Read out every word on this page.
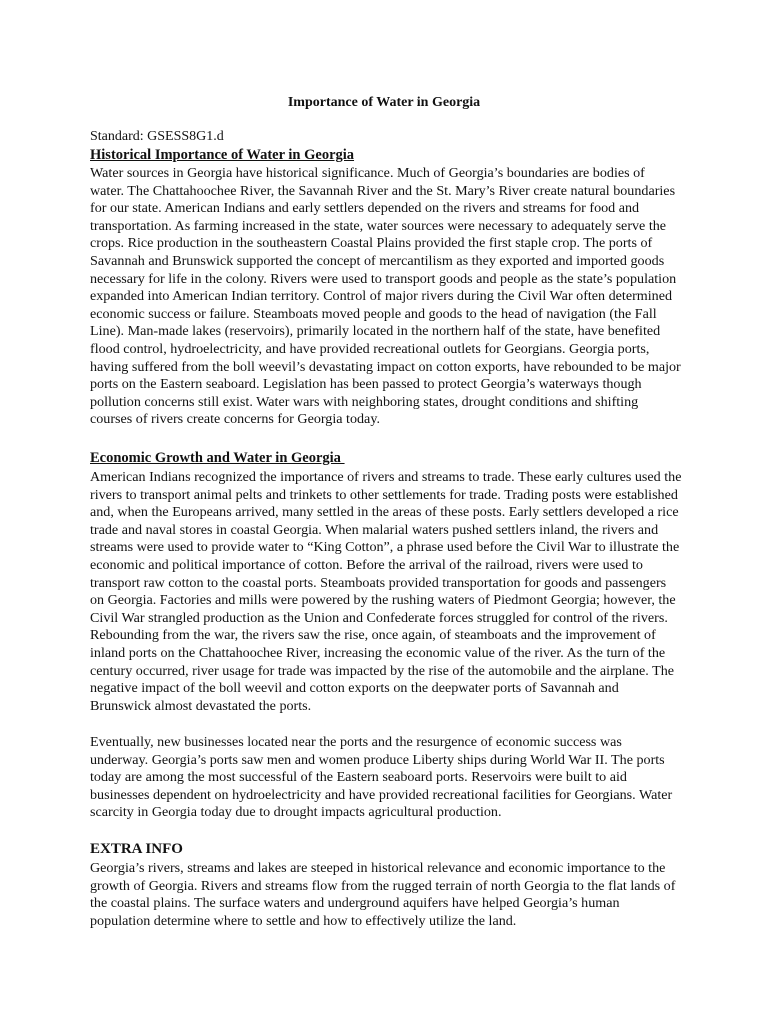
Importance of Water in Georgia

Standard: GSESS8G1.d

Historical Importance of Water in Georgia

Water sources in Georgia have historical significance. Much of Georgia’s boundaries are bodies of water. The Chattahoochee River, the Savannah River and the St. Mary’s River create natural boundaries for our state. American Indians and early settlers depended on the rivers and streams for food and transportation. As farming increased in the state, water sources were necessary to adequately serve the crops. Rice production in the southeastern Coastal Plains provided the first staple crop. The ports of Savannah and Brunswick supported the concept of mercantilism as they exported and imported goods necessary for life in the colony. Rivers were used to transport goods and people as the state’s population expanded into American Indian territory. Control of major rivers during the Civil War often determined economic success or failure. Steamboats moved people and goods to the head of navigation (the Fall Line). Man-made lakes (reservoirs), primarily located in the northern half of the state, have benefited flood control, hydroelectricity, and have provided recreational outlets for Georgians. Georgia ports, having suffered from the boll weevil’s devastating impact on cotton exports, have rebounded to be major ports on the Eastern seaboard. Legislation has been passed to protect Georgia’s waterways though pollution concerns still exist. Water wars with neighboring states, drought conditions and shifting courses of rivers create concerns for Georgia today.

Economic Growth and Water in Georgia

American Indians recognized the importance of rivers and streams to trade. These early cultures used the rivers to transport animal pelts and trinkets to other settlements for trade. Trading posts were established and, when the Europeans arrived, many settled in the areas of these posts. Early settlers developed a rice trade and naval stores in coastal Georgia. When malarial waters pushed settlers inland, the rivers and streams were used to provide water to “King Cotton”, a phrase used before the Civil War to illustrate the economic and political importance of cotton. Before the arrival of the railroad, rivers were used to transport raw cotton to the coastal ports. Steamboats provided transportation for goods and passengers on Georgia. Factories and mills were powered by the rushing waters of Piedmont Georgia; however, the Civil War strangled production as the Union and Confederate forces struggled for control of the rivers. Rebounding from the war, the rivers saw the rise, once again, of steamboats and the improvement of inland ports on the Chattahoochee River, increasing the economic value of the river. As the turn of the century occurred, river usage for trade was impacted by the rise of the automobile and the airplane. The negative impact of the boll weevil and cotton exports on the deepwater ports of Savannah and Brunswick almost devastated the ports.

Eventually, new businesses located near the ports and the resurgence of economic success was underway. Georgia’s ports saw men and women produce Liberty ships during World War II. The ports today are among the most successful of the Eastern seaboard ports. Reservoirs were built to aid businesses dependent on hydroelectricity and have provided recreational facilities for Georgians. Water scarcity in Georgia today due to drought impacts agricultural production.

EXTRA INFO

Georgia’s rivers, streams and lakes are steeped in historical relevance and economic importance to the growth of Georgia. Rivers and streams flow from the rugged terrain of north Georgia to the flat lands of the coastal plains. The surface waters and underground aquifers have helped Georgia’s human population determine where to settle and how to effectively utilize the land.
